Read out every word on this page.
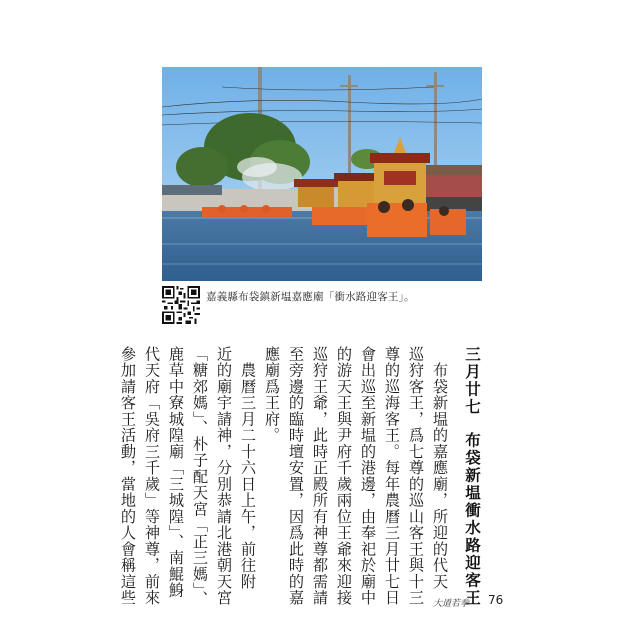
嘉義縣布袋鎮新塭嘉應廟「衝水路迎客王」。
三月廿七布袋新塭衝水路迎客王
　布袋新塭的嘉應廟，所迎的代天
巡狩客王，爲七尊的巡山客王與十三
尊的巡海客王。每年農曆三月廿七日
會出巡至新塭的港邊，由奉祀於廟中
的游天王與尹府千歲兩位王爺來迎接
巡狩王爺，此時正殿所有神尊都需請
至旁邊的臨時壇安置，因爲此時的嘉
應廟爲王府。
　農曆三月二十六日上午，前往附
近的廟宇請神，分別恭請北港朝天宮
「糖郊媽」、朴子配天宮「正三媽」、
鹿草中寮城隍廟「三城隍」、南鯤鯓
代天府「吳府三千歲」等神尊，前來
參加請客王活動，當地的人會稱這些	大道若拳 76
